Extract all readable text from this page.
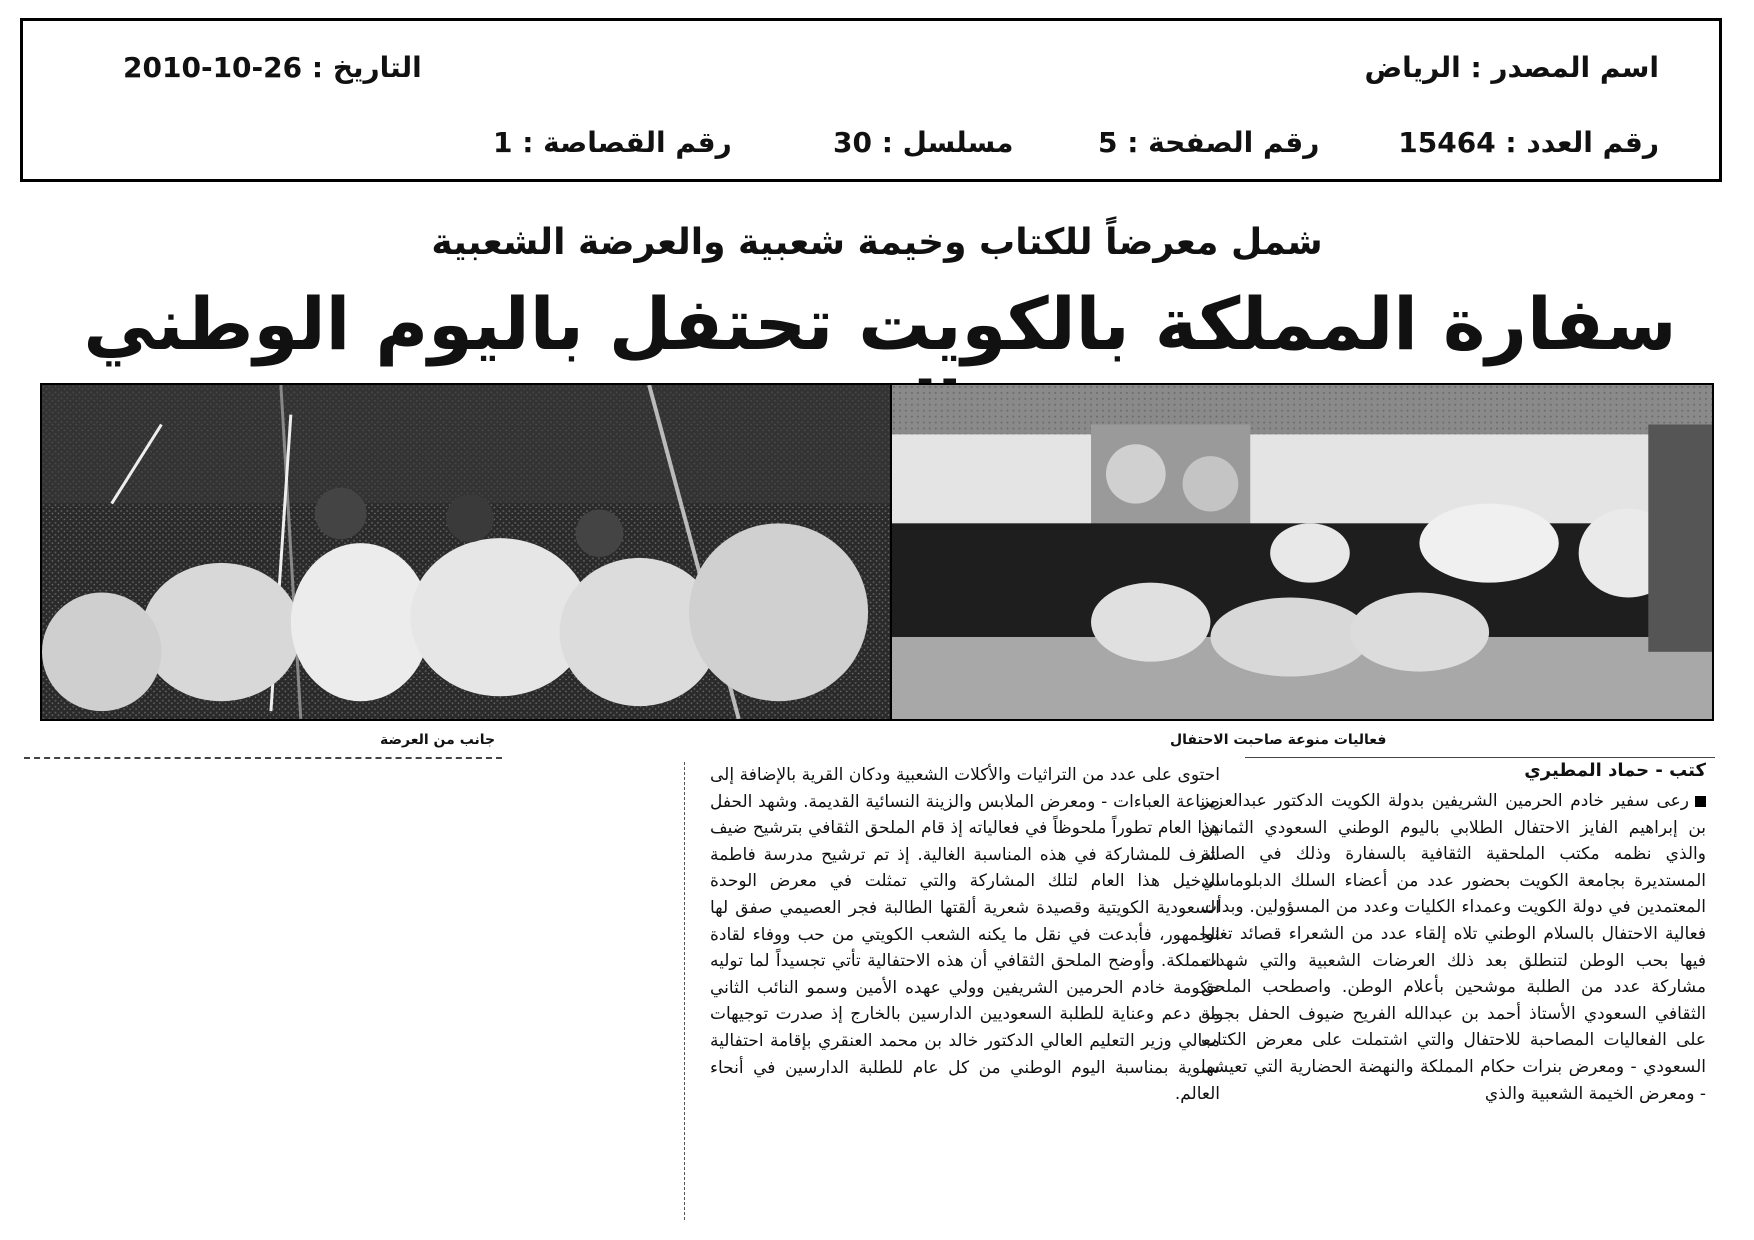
اسم المصدر : الرياض
التاريخ : 26-10-2010
رقم العدد : 15464
رقم الصفحة : 5
مسلسل : 30
رقم القصاصة : 1
شمل معرضاً للكتاب وخيمة شعبية والعرضة الشعبية
سفارة المملكة بالكويت تحتفل باليوم الوطني
جانب من العرضة	فعاليات منوعة صاحبت الاحتفال
كتب - حماد المطيري
رعى سفير خادم الحرمين الشريفين بدولة الكويت الدكتور عبدالعزيز بن إبراهيم الفايز الاحتفال الطلابي باليوم الوطني السعودي الثمانين والذي نظمه مكتب الملحقية الثقافية بالسفارة وذلك في الصالة المستديرة بجامعة الكويت بحضور عدد من أعضاء السلك الدبلوماسي المعتمدين في دولة الكويت وعمداء الكليات وعدد من المسؤولين. وبدأت فعالية الاحتفال بالسلام الوطني تلاه إلقاء عدد من الشعراء قصائد تغنوا فيها بحب الوطن لتنطلق بعد ذلك العرضات الشعبية والتي شهدت مشاركة عدد من الطلبة موشحين بأعلام الوطن. واصطحب الملحق الثقافي السعودي الأستاذ أحمد بن عبدالله الفريح ضيوف الحفل بجولة على الفعاليات المصاحبة للاحتفال والتي اشتملت على معرض الكتاب السعودي - ومعرض بنرات حكام المملكة والنهضة الحضارية التي تعيشها - ومعرض الخيمة الشعبية والذي
احتوى على عدد من التراثيات والأكلات الشعبية ودكان القرية بالإضافة إلى صناعة العباءات - ومعرض الملابس والزينة النسائية القديمة. وشهد الحفل هذا العام تطوراً ملحوظاً في فعالياته إذ قام الملحق الثقافي بترشيح ضيف شرف للمشاركة في هذه المناسبة الغالية. إذ تم ترشيح مدرسة فاطمة الدخيل هذا العام لتلك المشاركة والتي تمثلت في معرض الوحدة السعودية الكويتية وقصيدة شعرية ألقتها الطالبة فجر العصيمي صفق لها الجمهور، فأبدعت في نقل ما يكنه الشعب الكويتي من حب ووفاء لقادة المملكة. وأوضح الملحق الثقافي أن هذه الاحتفالية تأتي تجسيداً لما توليه حكومة خادم الحرمين الشريفين وولي عهده الأمين وسمو النائب الثاني من دعم وعناية للطلبة السعوديين الدارسين بالخارج إذ صدرت توجيهات معالي وزير التعليم العالي الدكتور خالد بن محمد العنقري بإقامة احتفالية سنوية بمناسبة اليوم الوطني من كل عام للطلبة الدارسين في أنحاء العالم.
